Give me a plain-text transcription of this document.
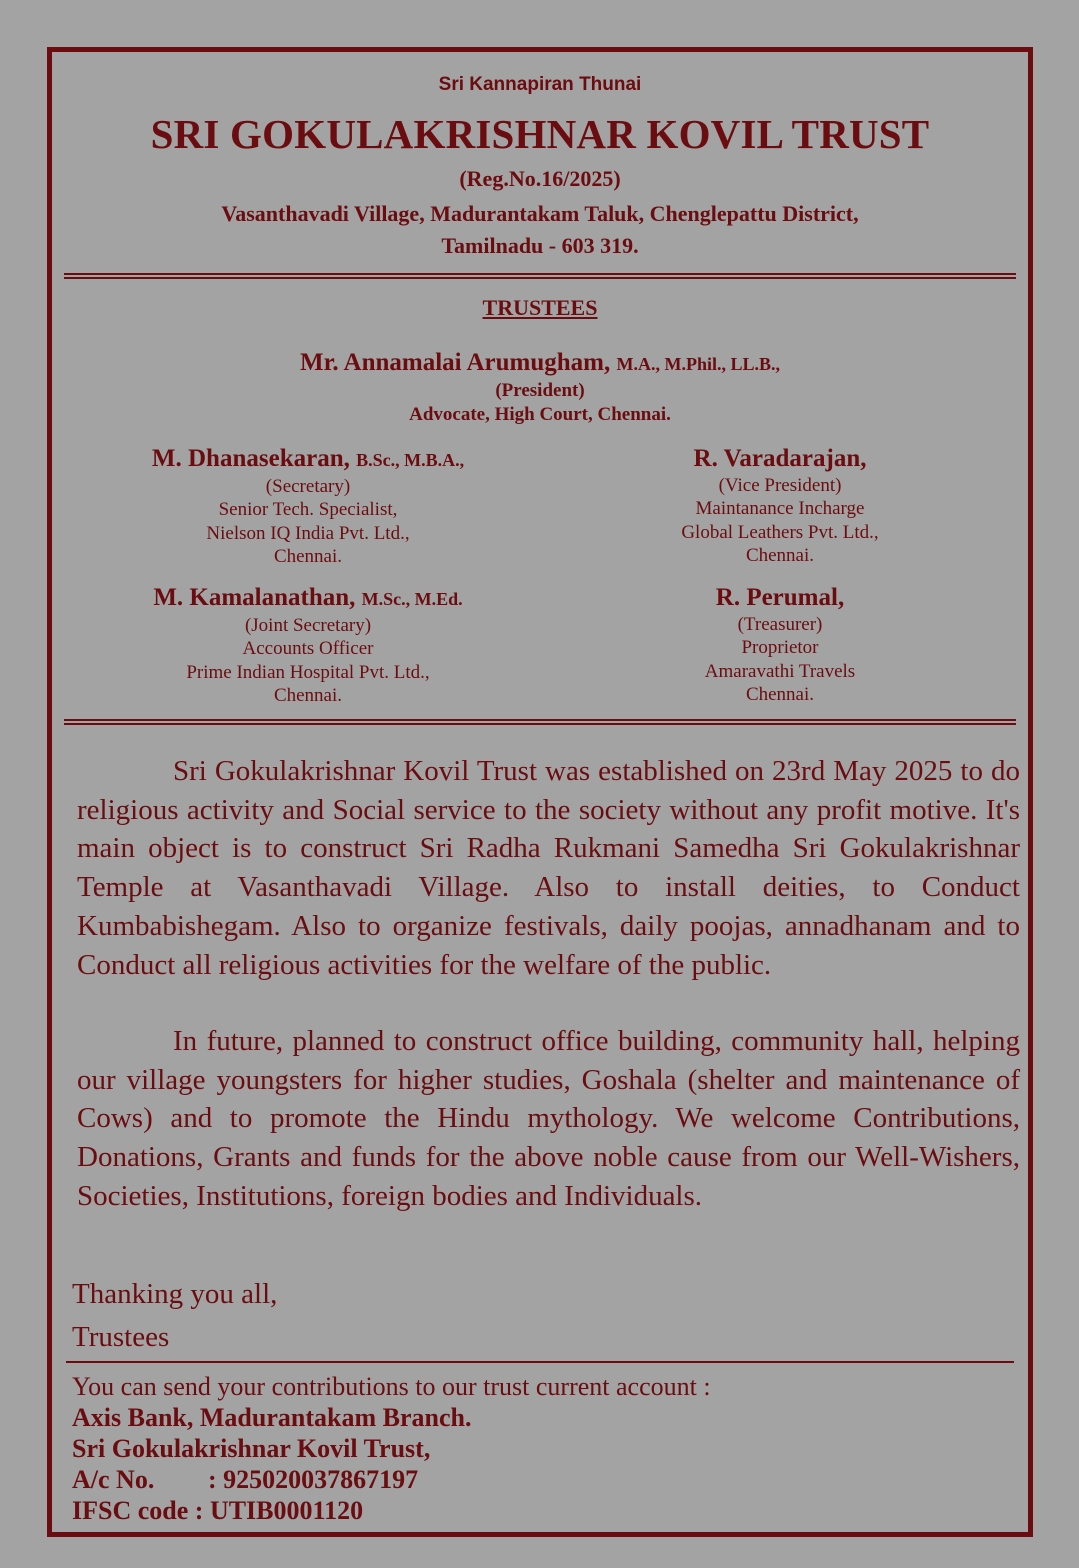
Sri Kannapiran Thunai
SRI GOKULAKRISHNAR KOVIL TRUST
(Reg.No.16/2025)
Vasanthavadi Village, Madurantakam Taluk, Chenglepattu District,
Tamilnadu - 603 319.
TRUSTEES
Mr. Annamalai Arumugham, M.A., M.Phil., LL.B.,
(President)
Advocate, High Court, Chennai.
M. Dhanasekaran, B.Sc., M.B.A.,
(Secretary)
Senior Tech. Specialist,
Nielson IQ India Pvt. Ltd.,
Chennai.
R. Varadarajan,
(Vice President)
Maintanance Incharge
Global Leathers Pvt. Ltd.,
Chennai.
M. Kamalanathan, M.Sc., M.Ed.
(Joint Secretary)
Accounts Officer
Prime Indian Hospital Pvt. Ltd.,
Chennai.
R. Perumal,
(Treasurer)
Proprietor
Amaravathi Travels
Chennai.
Sri Gokulakrishnar Kovil Trust was established on 23rd May 2025 to do religious activity and Social service to the society without any profit motive. It's main object is to construct Sri Radha Rukmani Samedha Sri Gokulakrishnar Temple at Vasanthavadi Village. Also to install deities, to Conduct Kumbabishegam. Also to organize festivals, daily poojas, annadhanam and to Conduct all religious activities for the welfare of the public.
In future, planned to construct office building, community hall, helping our village youngsters for higher studies, Goshala (shelter and maintenance of Cows) and to promote the Hindu mythology. We welcome Contributions, Donations, Grants and funds for the above noble cause from our Well-Wishers, Societies, Institutions, foreign bodies and Individuals.
Thanking you all,
Trustees
You can send your contributions to our trust current account :
Axis Bank, Madurantakam Branch.
Sri Gokulakrishnar Kovil Trust,
A/c No. : 925020037867197
IFSC code : UTIB0001120
